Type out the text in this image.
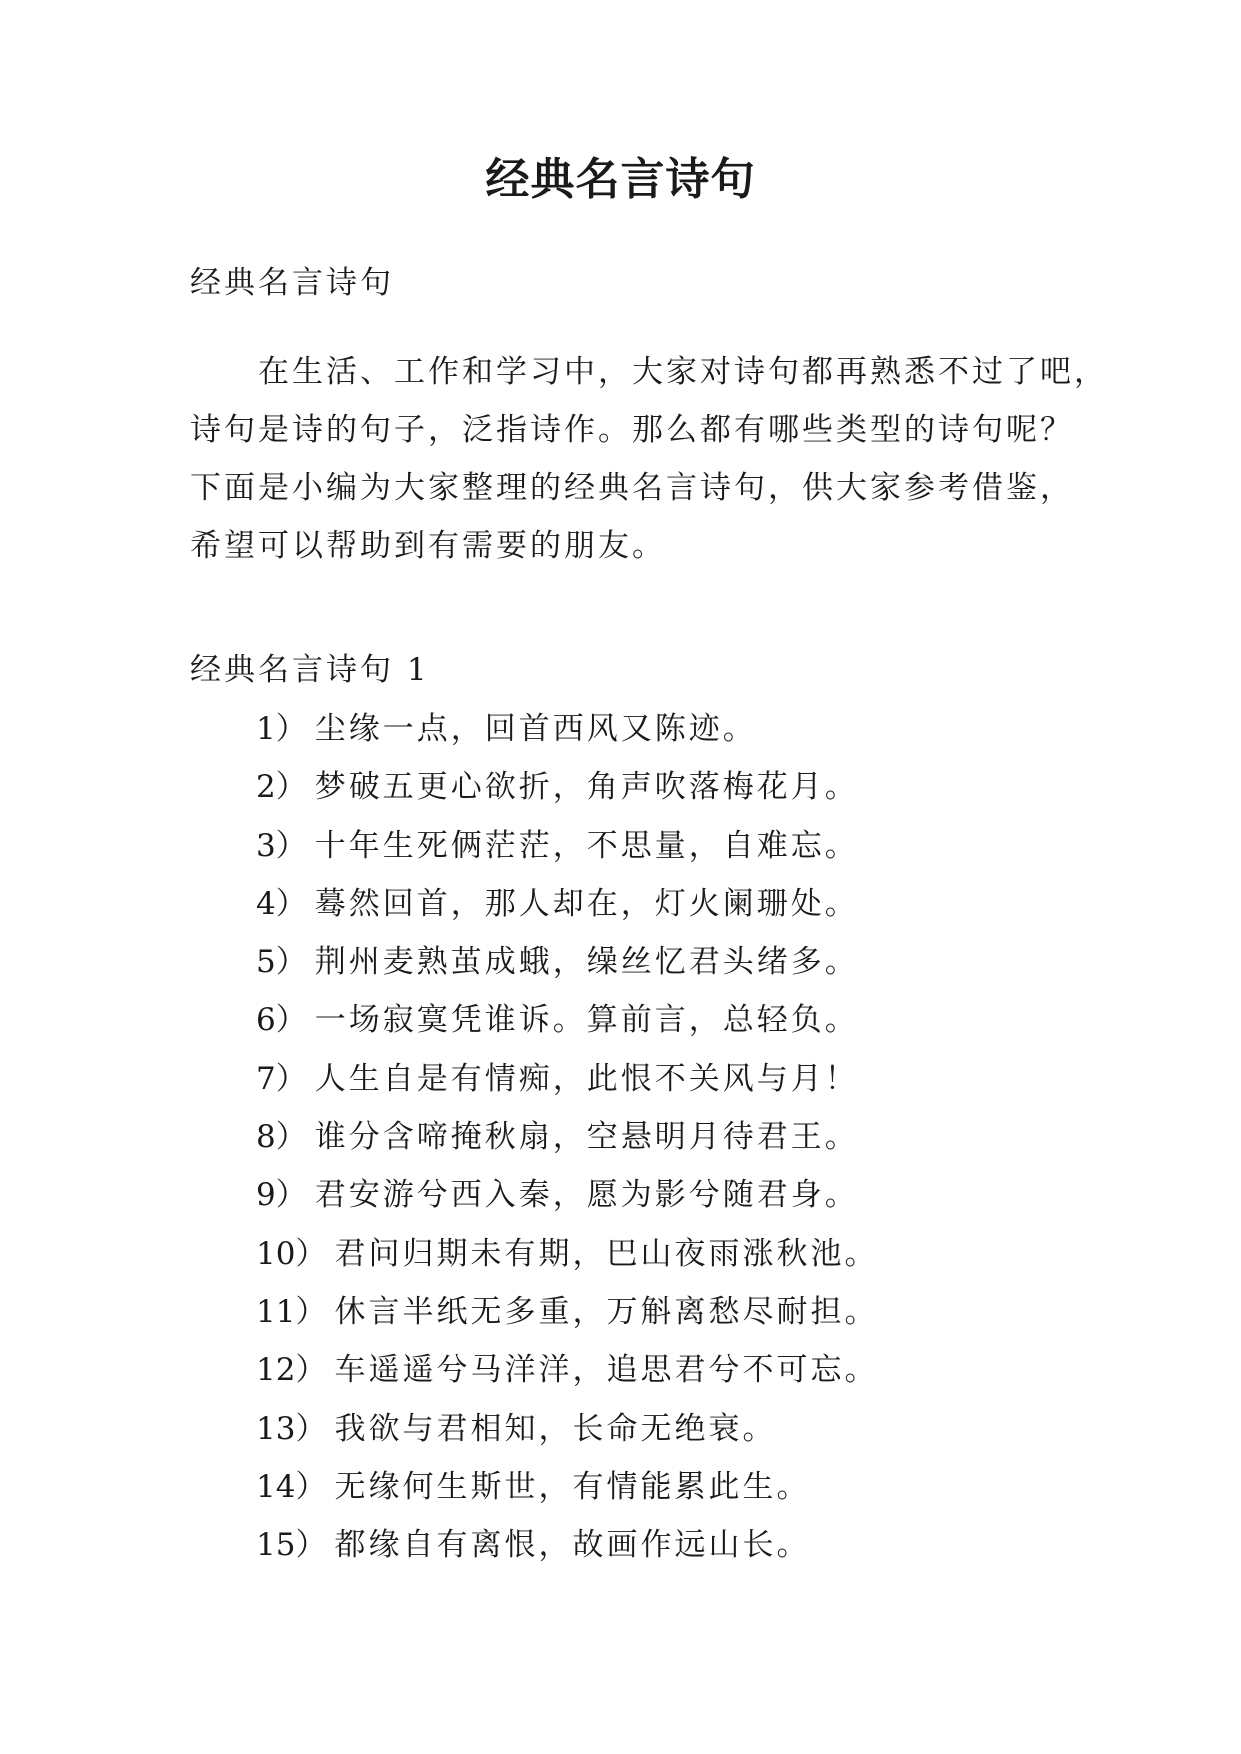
经典名言诗句
经典名言诗句
在生活、工作和学习中，大家对诗句都再熟悉不过了吧，
诗句是诗的句子，泛指诗作。那么都有哪些类型的诗句呢？
下面是小编为大家整理的经典名言诗句，供大家参考借鉴，
希望可以帮助到有需要的朋友。
经典名言诗句 1
1） 尘缘一点，回首西风又陈迹。
2） 梦破五更心欲折，角声吹落梅花月。
3） 十年生死俩茫茫，不思量，自难忘。
4） 蓦然回首，那人却在，灯火阑珊处。
5） 荆州麦熟茧成蛾，缲丝忆君头绪多。
6） 一场寂寞凭谁诉。算前言，总轻负。
7） 人生自是有情痴，此恨不关风与月！
8） 谁分含啼掩秋扇，空悬明月待君王。
9） 君安游兮西入秦，愿为影兮随君身。
10） 君问归期未有期，巴山夜雨涨秋池。
11） 休言半纸无多重，万斛离愁尽耐担。
12） 车遥遥兮马洋洋，追思君兮不可忘。
13） 我欲与君相知，长命无绝衰。
14） 无缘何生斯世，有情能累此生。
15） 都缘自有离恨，故画作远山长。
